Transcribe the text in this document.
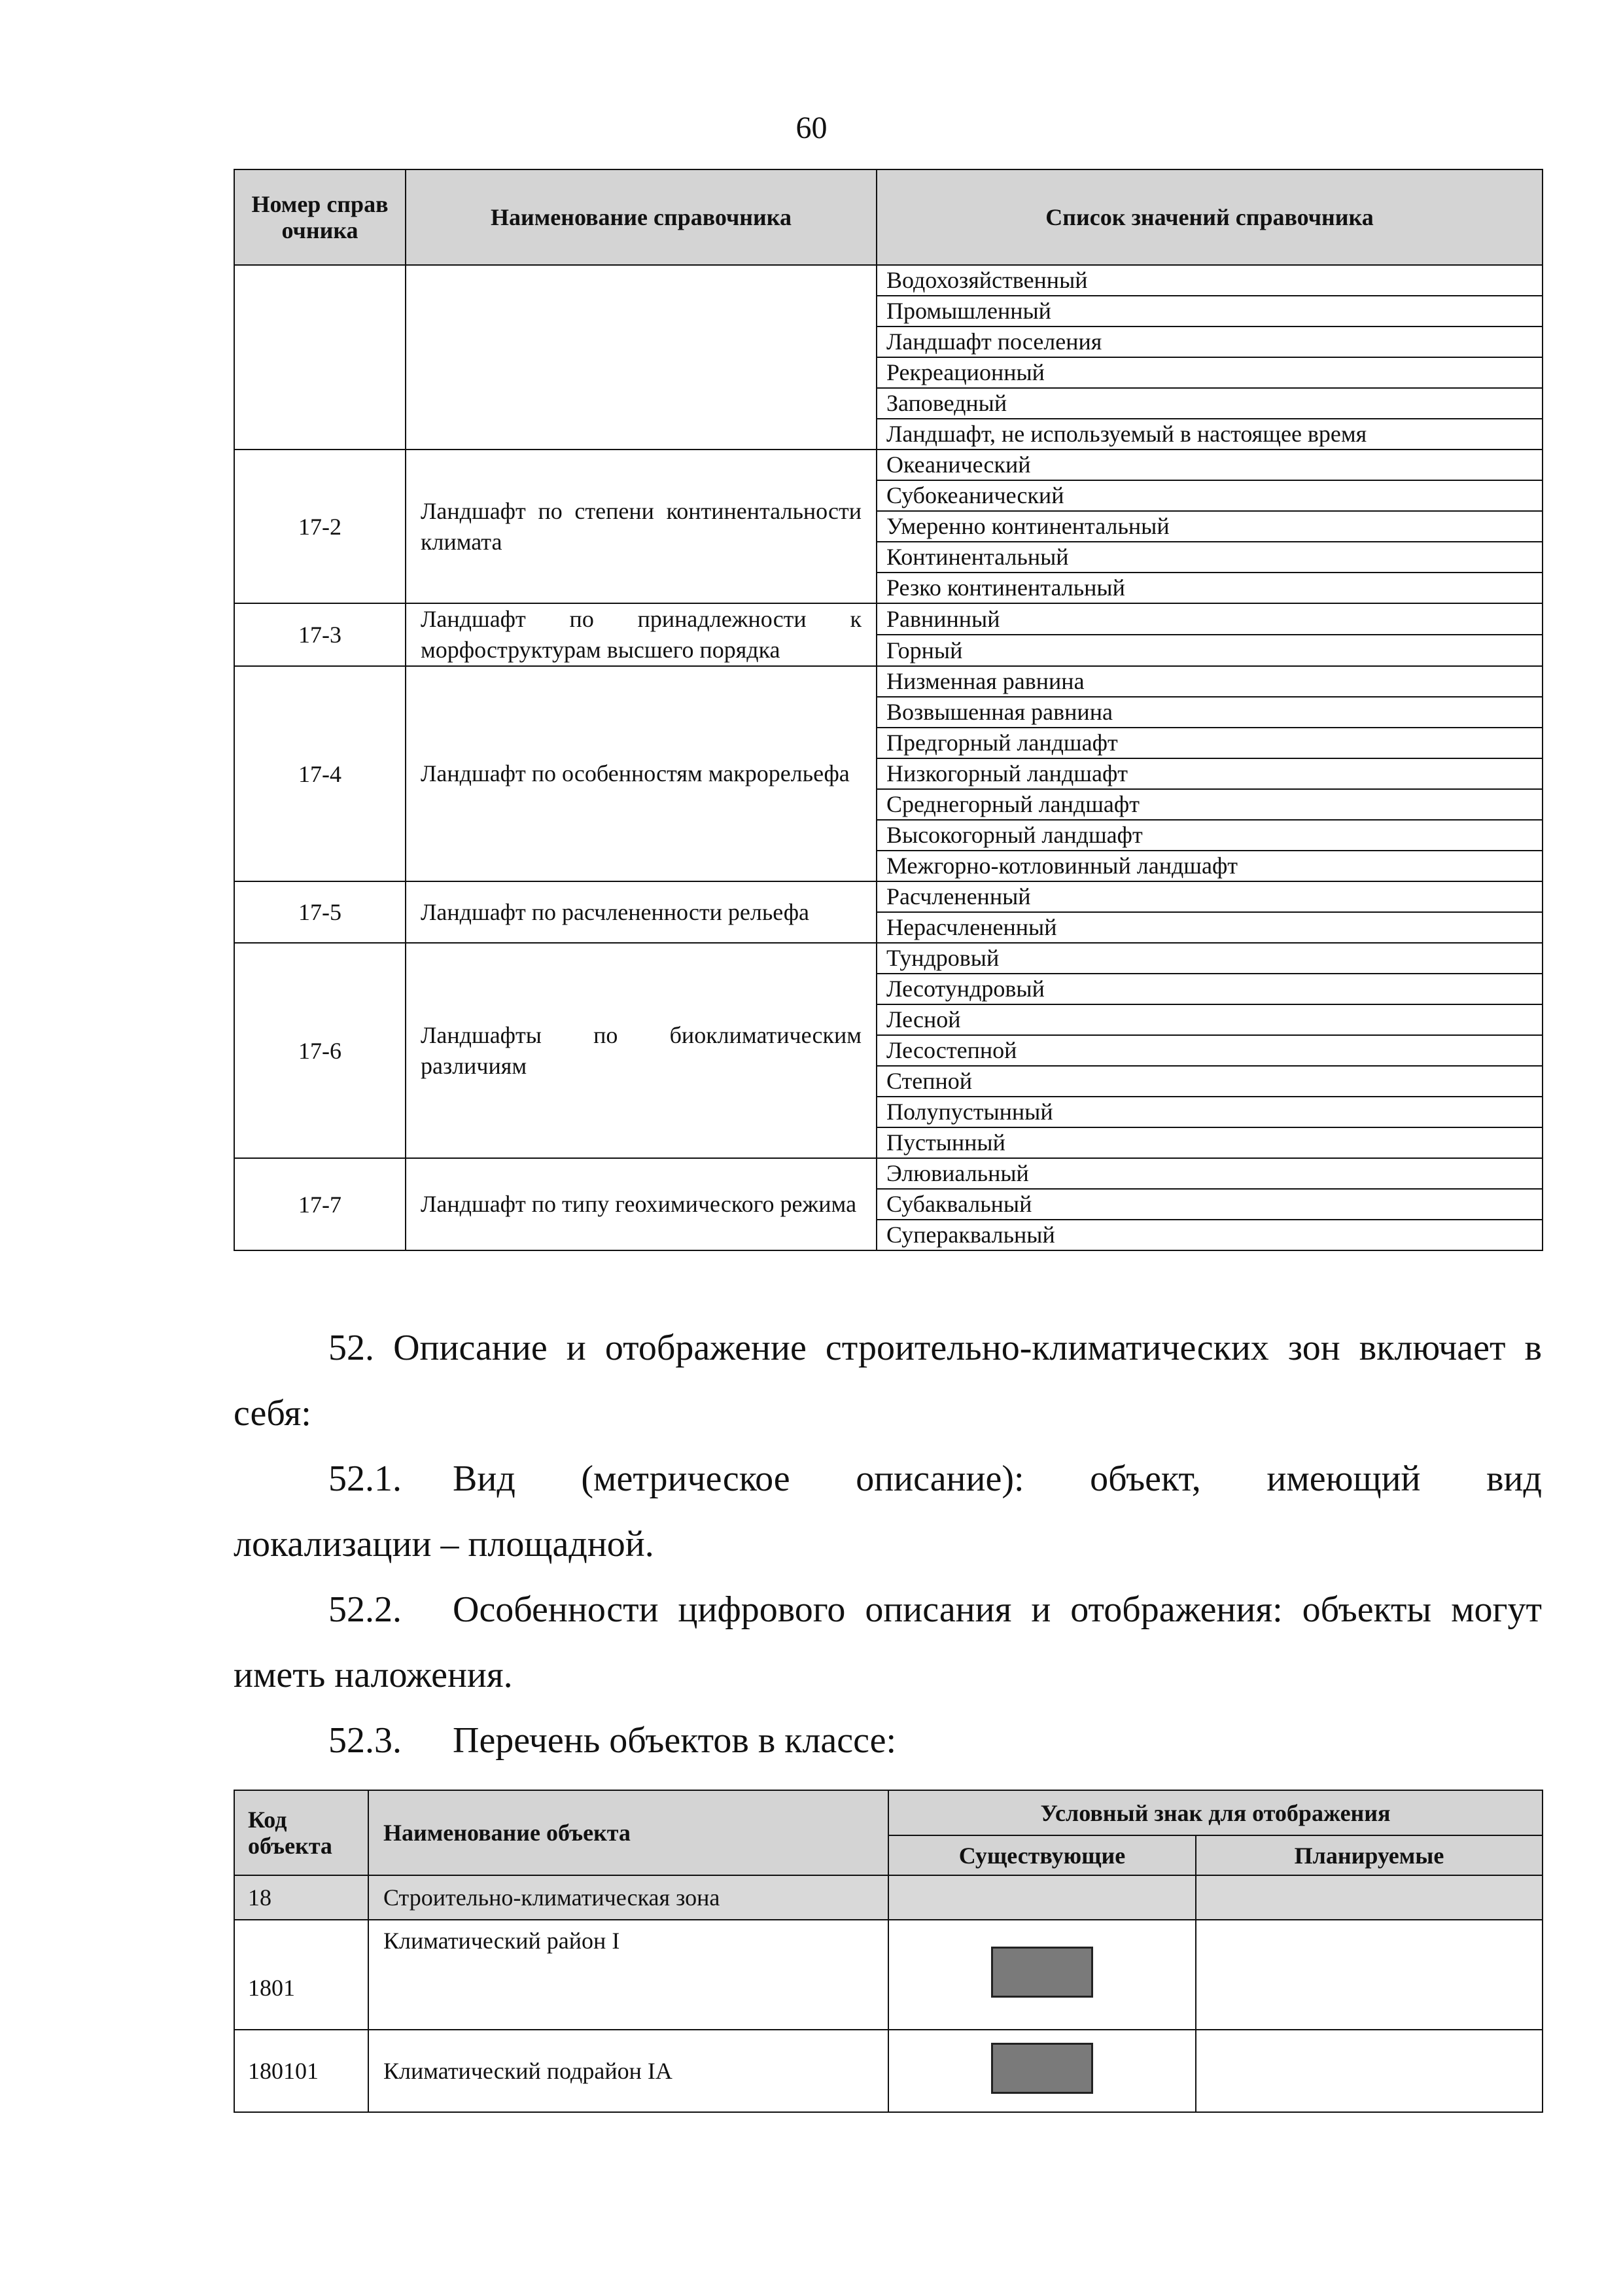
60
Номер справочника	Наименование справочника	Список значений справочника
		Водохозяйственный
		Промышленный
		Ландшафт поселения
		Рекреационный
		Заповедный
		Ландшафт, не используемый в настоящее время
17-2	Ландшафт по степени континентальности климата	Океанический
		Субокеанический
		Умеренно континентальный
		Континентальный
		Резко континентальный
17-3	Ландшафт по принадлежности к морфоструктурам высшего порядка	Равнинный
		Горный
17-4	Ландшафт по особенностям макрорельефа	Низменная равнина
		Возвышенная равнина
		Предгорный ландшафт
		Низкогорный ландшафт
		Среднегорный ландшафт
		Высокогорный ландшафт
		Межгорно-котловинный ландшафт
17-5	Ландшафт по расчлененности рельефа	Расчлененный
		Нерасчлененный
17-6	Ландшафты по биоклиматическим различиям	Тундровый
		Лесотундровый
		Лесной
		Лесостепной
		Степной
		Полупустынный
		Пустынный
17-7	Ландшафт по типу геохимического режима	Элювиальный
		Субаквальный
		Супераквальный
52. Описание и отображение строительно-климатических зон включает в
себя:
52.1.	Вид (метрическое описание): объект, имеющий вид
локализации – площадной.
52.2.	Особенности цифрового описания и отображения: объекты могут
иметь наложения.
52.3.	Перечень объектов в классе:
Код объекта	Наименование объекта	Условный знак для отображения	
		Существующие	Планируемые
18	Строительно-климатическая зона		
1801	Климатический район I		
180101	Климатический подрайон IA		
